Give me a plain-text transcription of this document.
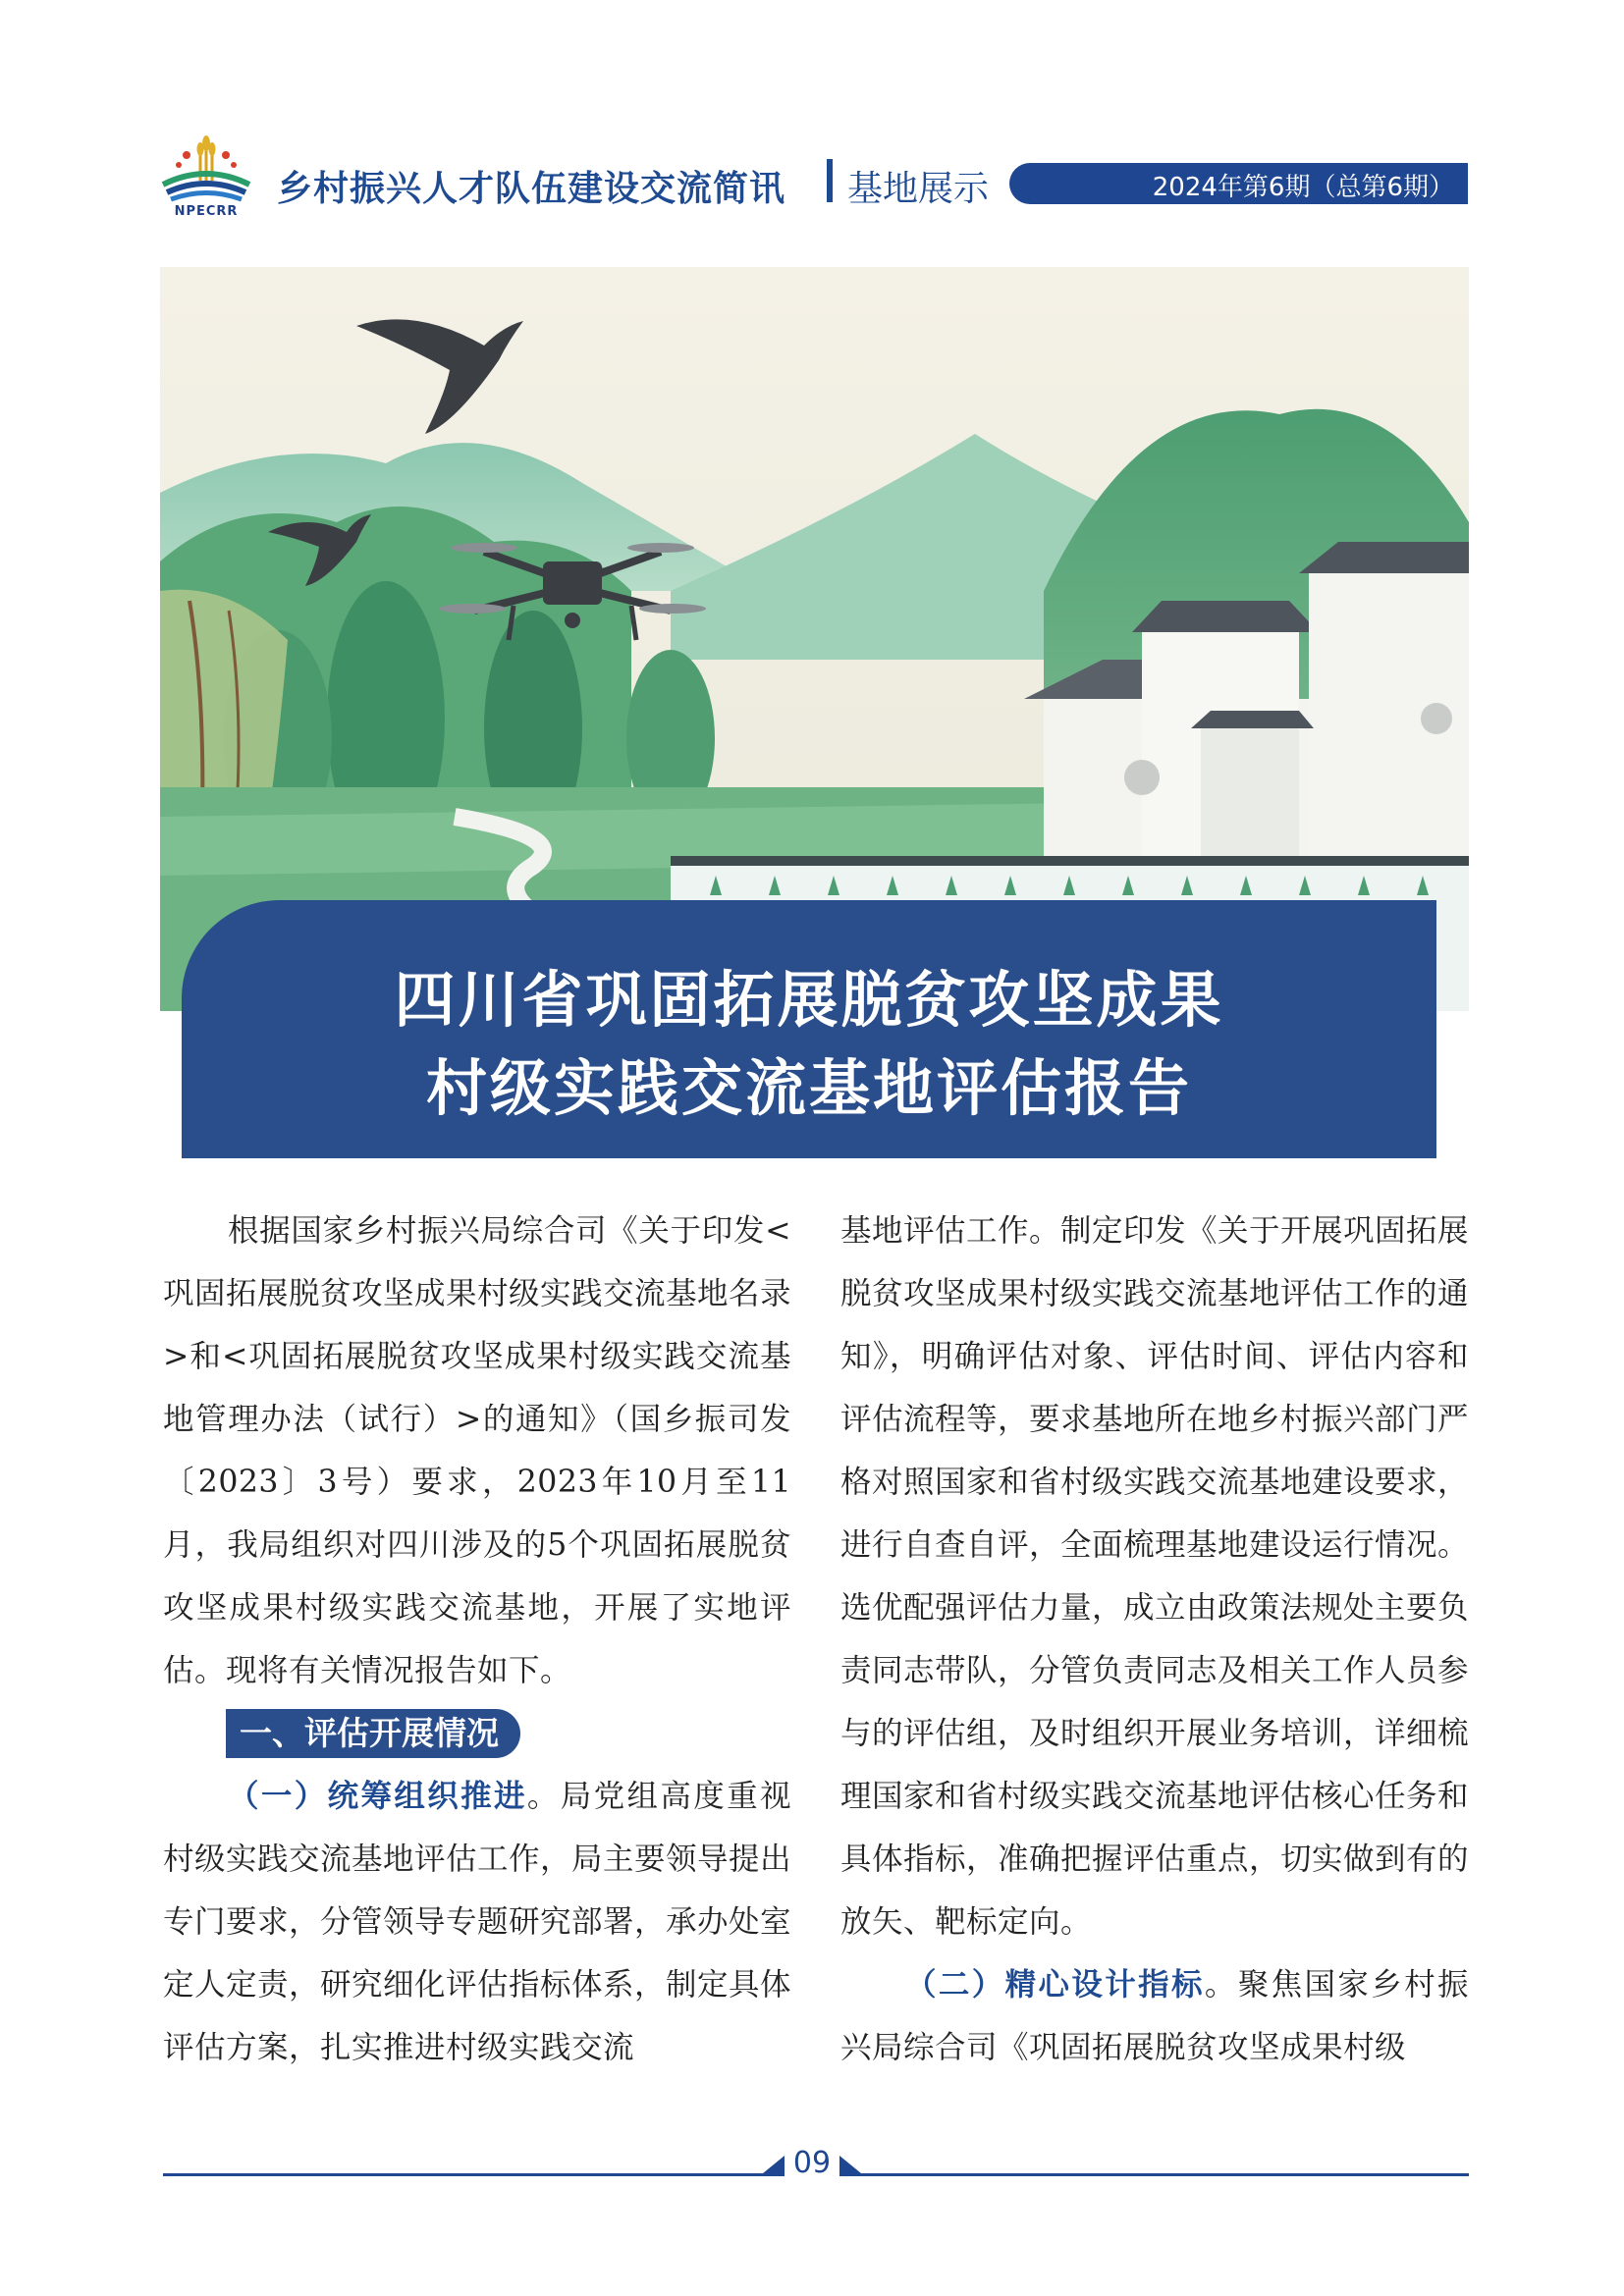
NPECRR
乡村振兴人才队伍建设交流简讯 基地展示	2024年第6期（总第6期）
四川省巩固拓展脱贫攻坚成果
村级实践交流基地评估报告

根据国家乡村振兴局综合司《关于印发<巩固拓展脱贫攻坚成果村级实践交流基地名录>和<巩固拓展脱贫攻坚成果村级实践交流基地管理办法（试行）>的通知》（国乡振司发〔2023〕3号）要求，2023年10月至11月，我局组织对四川涉及的5个巩固拓展脱贫攻坚成果村级实践交流基地，开展了实地评估。现将有关情况报告如下。

一、评估开展情况

（一）统筹组织推进。局党组高度重视村级实践交流基地评估工作，局主要领导提出专门要求，分管领导专题研究部署，承办处室定人定责，研究细化评估指标体系，制定具体评估方案，扎实推进村级实践交流

基地评估工作。制定印发《关于开展巩固拓展脱贫攻坚成果村级实践交流基地评估工作的通知》，明确评估对象、评估时间、评估内容和评估流程等，要求基地所在地乡村振兴部门严格对照国家和省村级实践交流基地建设要求，进行自查自评，全面梳理基地建设运行情况。选优配强评估力量，成立由政策法规处主要负责同志带队，分管负责同志及相关工作人员参与的评估组，及时组织开展业务培训，详细梳理国家和省村级实践交流基地评估核心任务和具体指标，准确把握评估重点，切实做到有的放矢、靶标定向。

（二）精心设计指标。聚焦国家乡村振兴局综合司《巩固拓展脱贫攻坚成果村级

09
